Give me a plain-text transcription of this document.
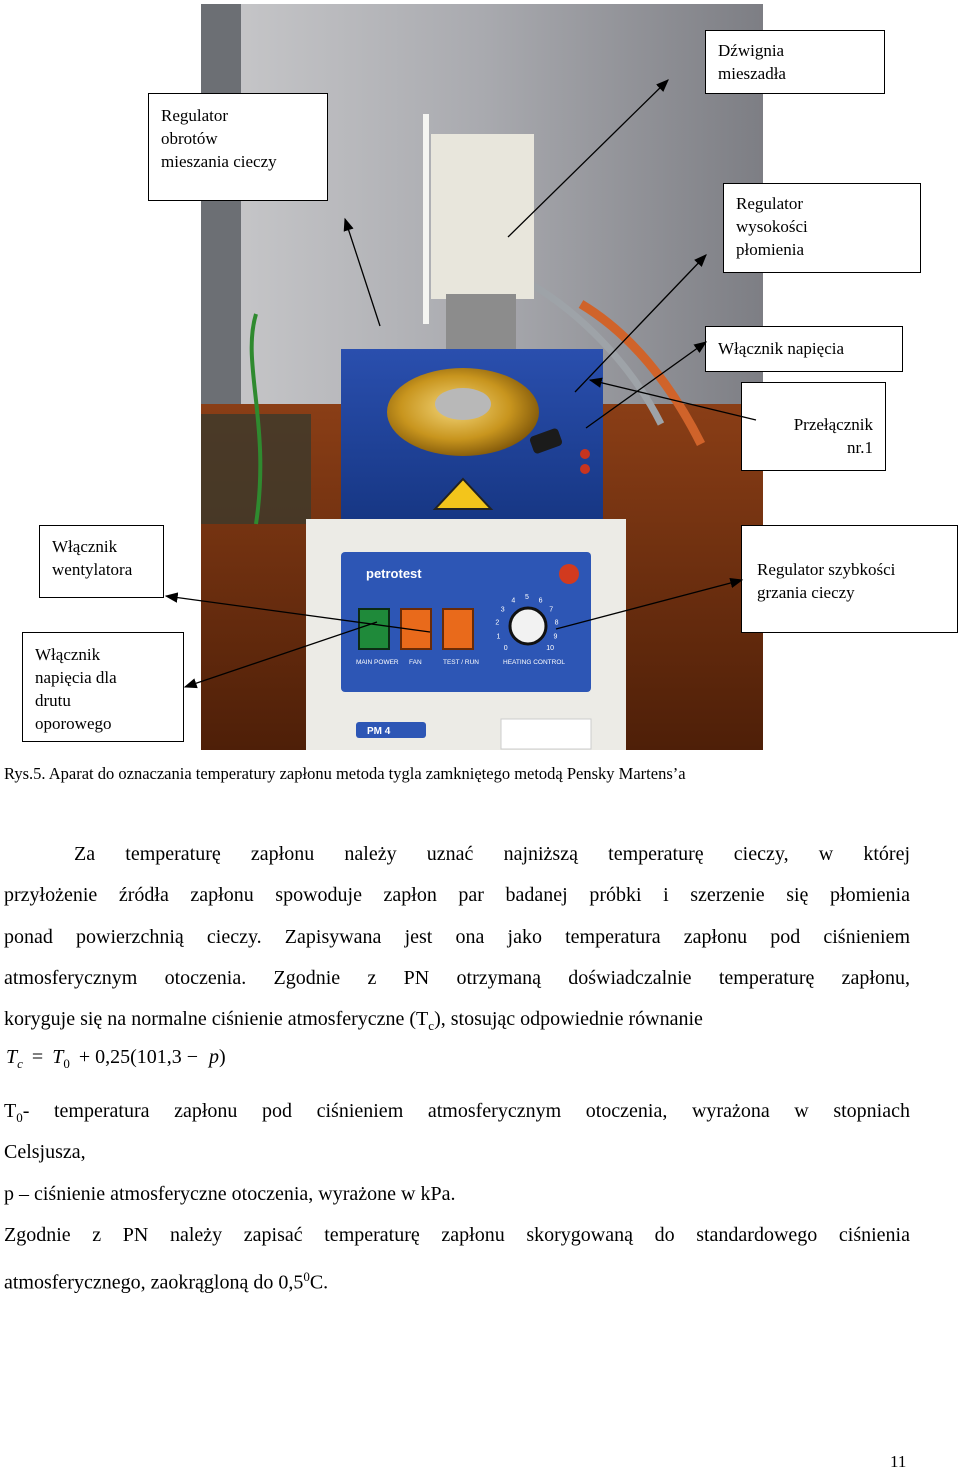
petrotest
MAIN POWER FAN	TEST / RUN	HEATING CONTROL
0
1
2
3
4 5 6
7
8
9
10
PM 4
Dźwignia
mieszadła
Regulator
obrotów
mieszania cieczy
Regulator
wysokości
płomienia
Włącznik napięcia
Przełącznik
nr.1
Włącznik
wentylatora	Regulator szybkości
grzania cieczy
Włącznik
napięcia dla
drutu
oporowego
Rys.5. Aparat do oznaczania temperatury zapłonu metoda tygla zamkniętego metodą Pensky Martens’a
Za temperaturę zapłonu należy uznać najniższą temperaturę cieczy, w której
przyłożenie źródła zapłonu spowoduje zapłon par badanej próbki i szerzenie się płomienia
ponad powierzchnią cieczy. Zapisywana jest ona jako temperatura zapłonu pod ciśnieniem
atmosferycznym otoczenia. Zgodnie z PN otrzymaną doświadczalnie temperaturę zapłonu,
koryguje się na normalne ciśnienie atmosferyczne $(T_c)$, stosując odpowiednie równanie
$T_c = T_0 + 0,25(101,3 - p)$
$T_0-$ temperatura zapłonu pod ciśnieniem atmosferycznym otoczenia, wyrażona w stopniach
Celsjusza,
p – ciśnienie atmosferyczne otoczenia, wyrażone w kPa.
Zgodnie z PN należy zapisać temperaturę zapłonu skorygowaną do standardowego ciśnienia
atmosferycznego, zaokrągloną do $0,5^0C$.
11
